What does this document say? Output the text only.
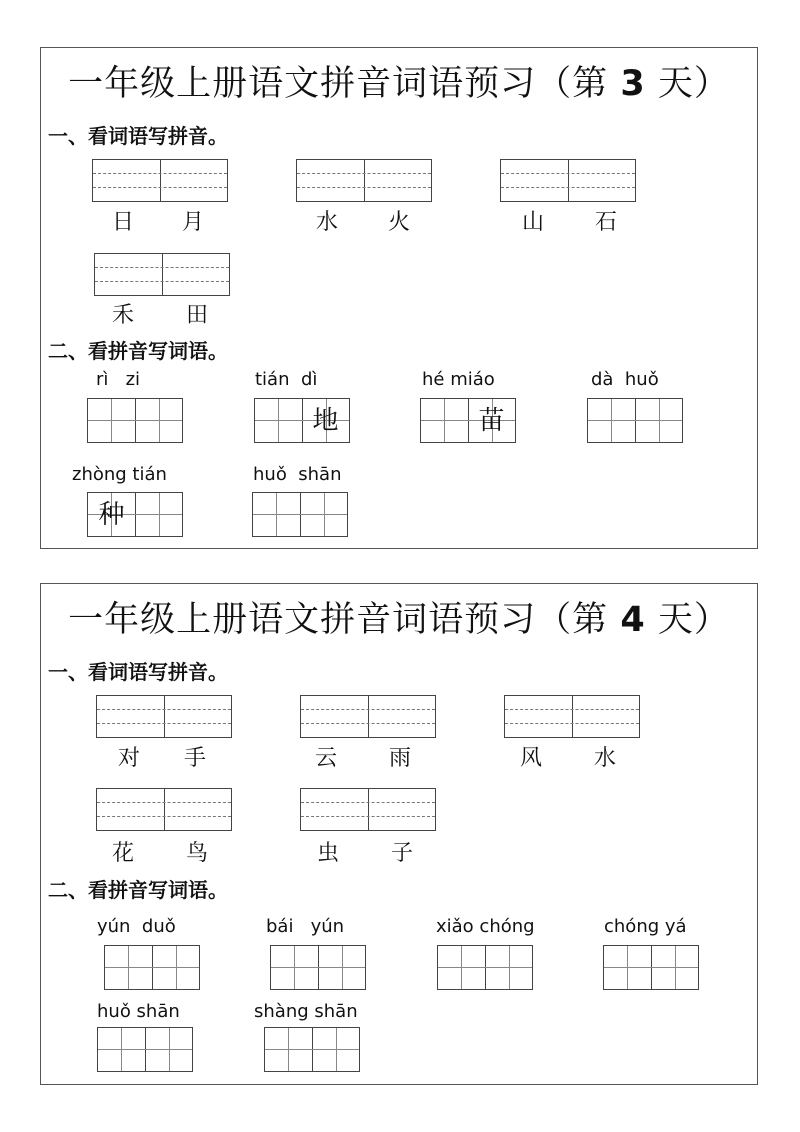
一年级上册语文拼音词语预习（第 3 天）
一、看词语写拼音。
日 月	水 火	山 石
禾 田
二、看拼音写词语。
rì   zi	tián  dì
地
hé miáo
苗
dà  huǒ
zhòng tián
种
huǒ  shān
一年级上册语文拼音词语预习（第 4 天）
一、看词语写拼音。
对 手	云 雨	风 水
花 鸟	虫 子
二、看拼音写词语。
yún  duǒ	bái   yún	xiǎo chóng	chóng yá
huǒ shān	shàng shān
